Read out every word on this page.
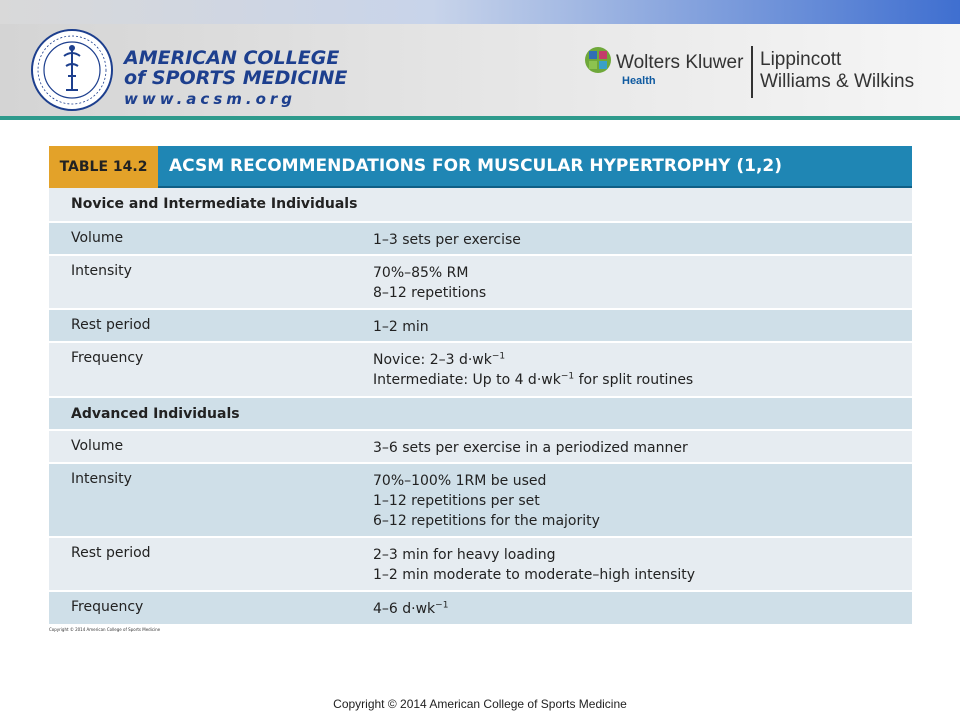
AMERICAN COLLEGE
of SPORTS MEDICINE
www.acsm.org
Wolters Kluwer
Health
Lippincott
Williams & Wilkins
TABLE 14.2	ACSM RECOMMENDATIONS FOR MUSCULAR HYPERTROPHY (1,2)
Novice and Intermediate Individuals
Volume	1–3 sets per exercise
Intensity	70%–85% RM
8–12 repetitions
Rest period	1–2 min
Frequency	Novice: 2–3 $d\cdot wk^{-1}$
Intermediate: Up to 4 $d\cdot wk^{-1}$ for split routines
Advanced Individuals
Volume	3–6 sets per exercise in a periodized manner
Intensity	70%–100% 1RM be used
1–12 repetitions per set
6–12 repetitions for the majority
Rest period	2–3 min for heavy loading
1–2 min moderate to moderate–high intensity
Frequency	4–6 $d\cdot wk^{-1}$
Copyright © 2014 American College of Sports Medicine
Copyright © 2014 American College of Sports Medicine
